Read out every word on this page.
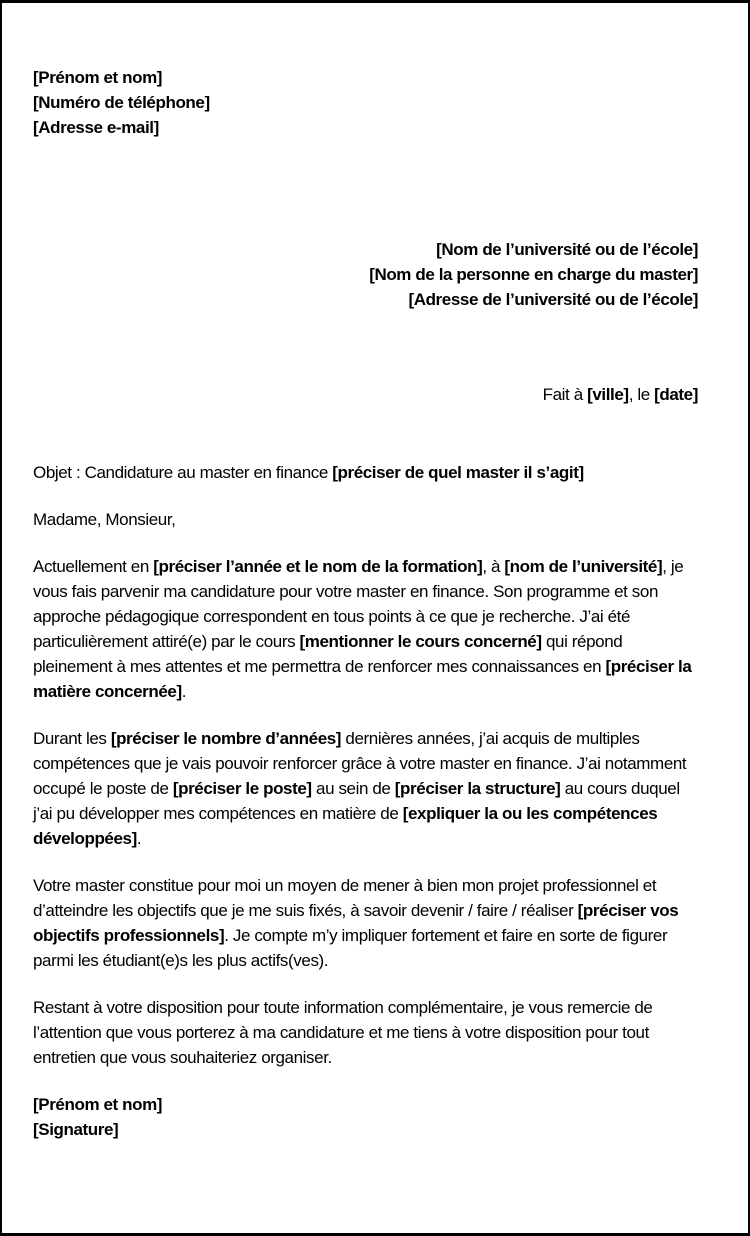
[Prénom et nom]
[Numéro de téléphone]
[Adresse e-mail]
[Nom de l’université ou de l’école]
[Nom de la personne en charge du master]
[Adresse de l’université ou de l’école]
Fait à [ville], le [date]
Objet : Candidature au master en finance [préciser de quel master il s’agit]
Madame, Monsieur,
Actuellement en [préciser l’année et le nom de la formation], à [nom de l’université], je vous fais parvenir ma candidature pour votre master en finance. Son programme et son approche pédagogique correspondent en tous points à ce que je recherche. J’ai été particulièrement attiré(e) par le cours [mentionner le cours concerné] qui répond pleinement à mes attentes et me permettra de renforcer mes connaissances en [préciser la matière concernée].
Durant les [préciser le nombre d’années] dernières années, j’ai acquis de multiples compétences que je vais pouvoir renforcer grâce à votre master en finance. J’ai notamment occupé le poste de [préciser le poste] au sein de [préciser la structure] au cours duquel j’ai pu développer mes compétences en matière de [expliquer la ou les compétences développées].
Votre master constitue pour moi un moyen de mener à bien mon projet professionnel et d’atteindre les objectifs que je me suis fixés, à savoir devenir / faire / réaliser [préciser vos objectifs professionnels]. Je compte m’y impliquer fortement et faire en sorte de figurer parmi les étudiant(e)s les plus actifs(ves).
Restant à votre disposition pour toute information complémentaire, je vous remercie de l’attention que vous porterez à ma candidature et me tiens à votre disposition pour tout entretien que vous souhaiteriez organiser.
[Prénom et nom]
[Signature]
